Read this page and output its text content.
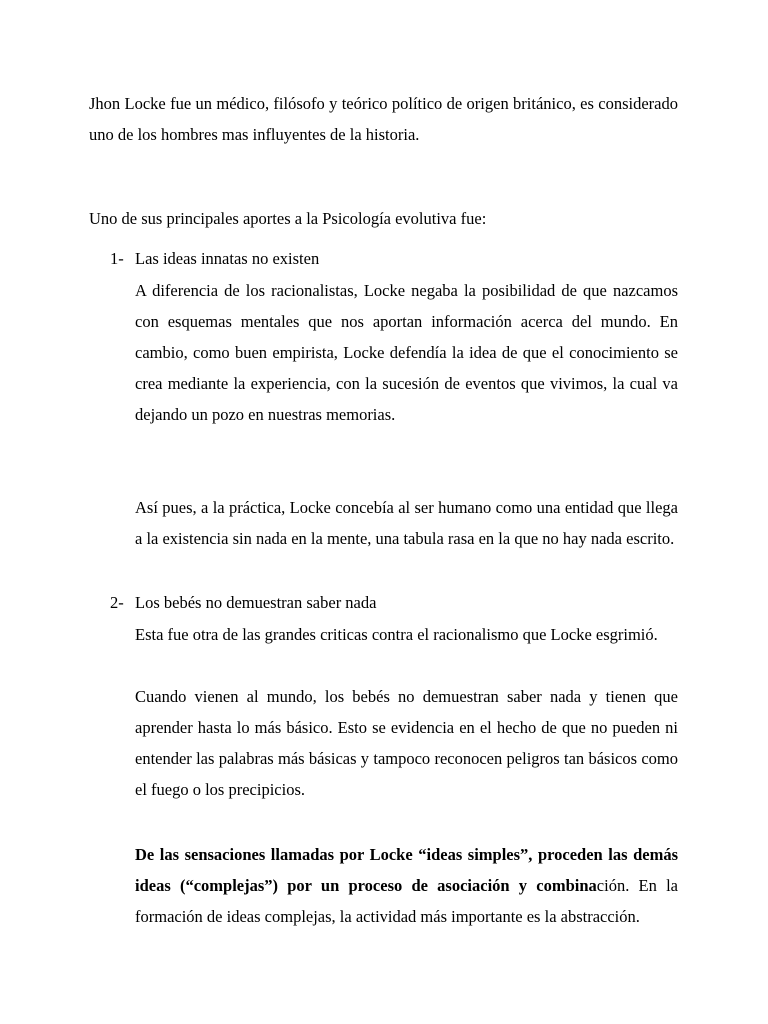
Jhon Locke fue un médico, filósofo y teórico político de origen británico, es considerado uno de los hombres mas influyentes de la historia.

Uno de sus principales aportes a la Psicología evolutiva fue:

1- Las ideas innatas no existen

A diferencia de los racionalistas, Locke negaba la posibilidad de que nazcamos con esquemas mentales que nos aportan información acerca del mundo. En cambio, como buen empirista, Locke defendía la idea de que el conocimiento se crea mediante la experiencia, con la sucesión de eventos que vivimos, la cual va dejando un pozo en nuestras memorias.

Así pues, a la práctica, Locke concebía al ser humano como una entidad que llega a la existencia sin nada en la mente, una tabula rasa en la que no hay nada escrito.

2- Los bebés no demuestran saber nada

Esta fue otra de las grandes criticas contra el racionalismo que Locke esgrimió.

Cuando vienen al mundo, los bebés no demuestran saber nada y tienen que aprender hasta lo más básico. Esto se evidencia en el hecho de que no pueden ni entender las palabras más básicas y tampoco reconocen peligros tan básicos como el fuego o los precipicios.

De las sensaciones llamadas por Locke “ideas simples”, proceden las demás ideas (“complejas”) por un proceso de asociación y combinación. En la formación de ideas complejas, la actividad más importante es la abstracción.
